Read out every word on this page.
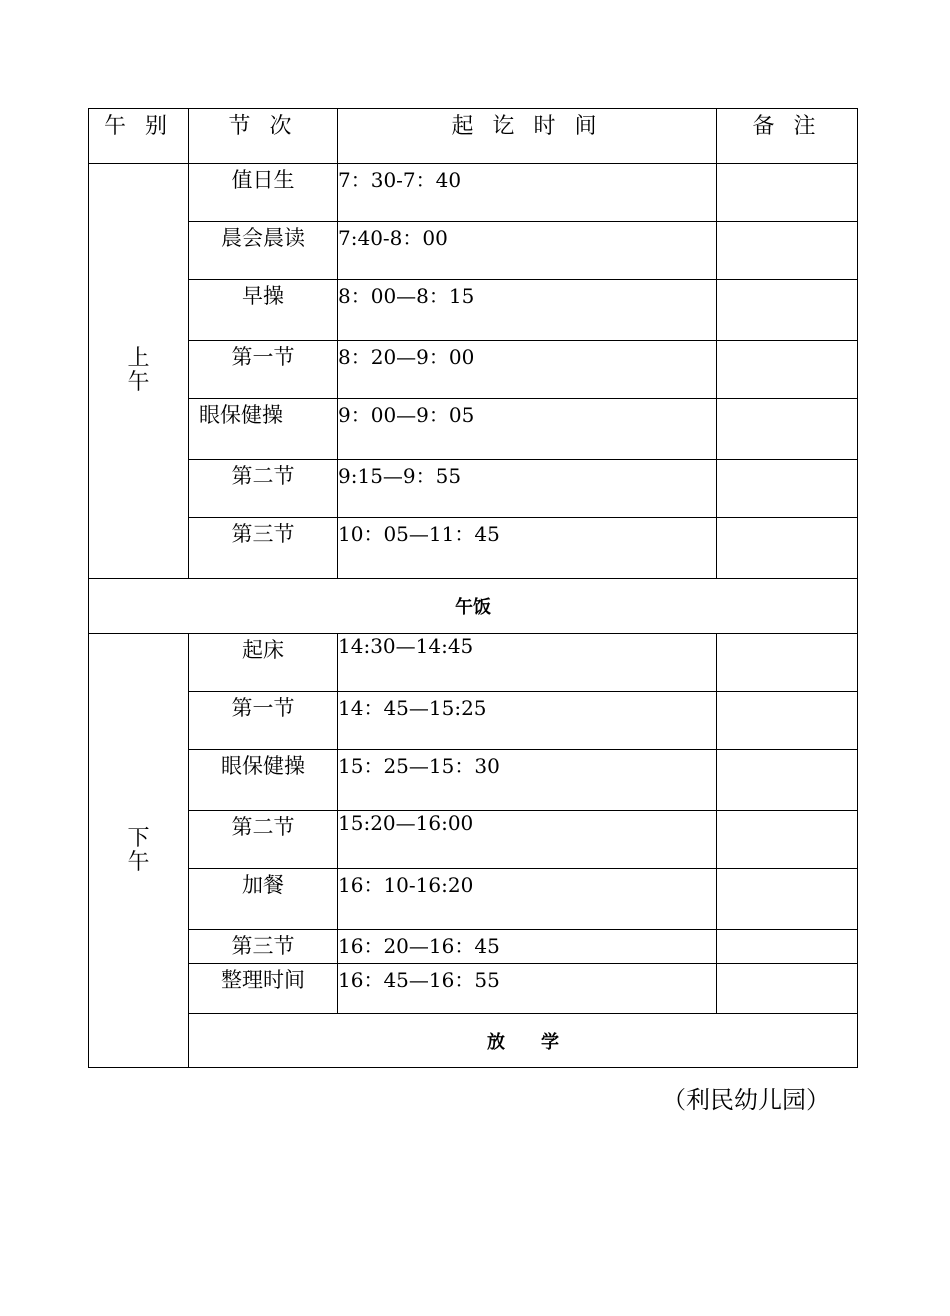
午 别	节 次	起 讫 时 间	备 注

上
午	值日生	7：30-7：40	
	晨会晨读	7:40-8：00	
	早操	8：00—8：15	
	第一节	8：20—9：00	
	眼保健操	9：00—9：05	
	第二节	9:15—9：55	
	第三节	10：05—11：45	
午饭			

下
午	起床	14:30—14:45	
	第一节	14：45—15:25	
	眼保健操	15：25—15：30	
	第二节	15:20—16:00	
	加餐	16：10-16:20	
	第三节	16：20—16：45	
	整理时间	16：45—16：55	
	放　　学		
（利民幼儿园）
